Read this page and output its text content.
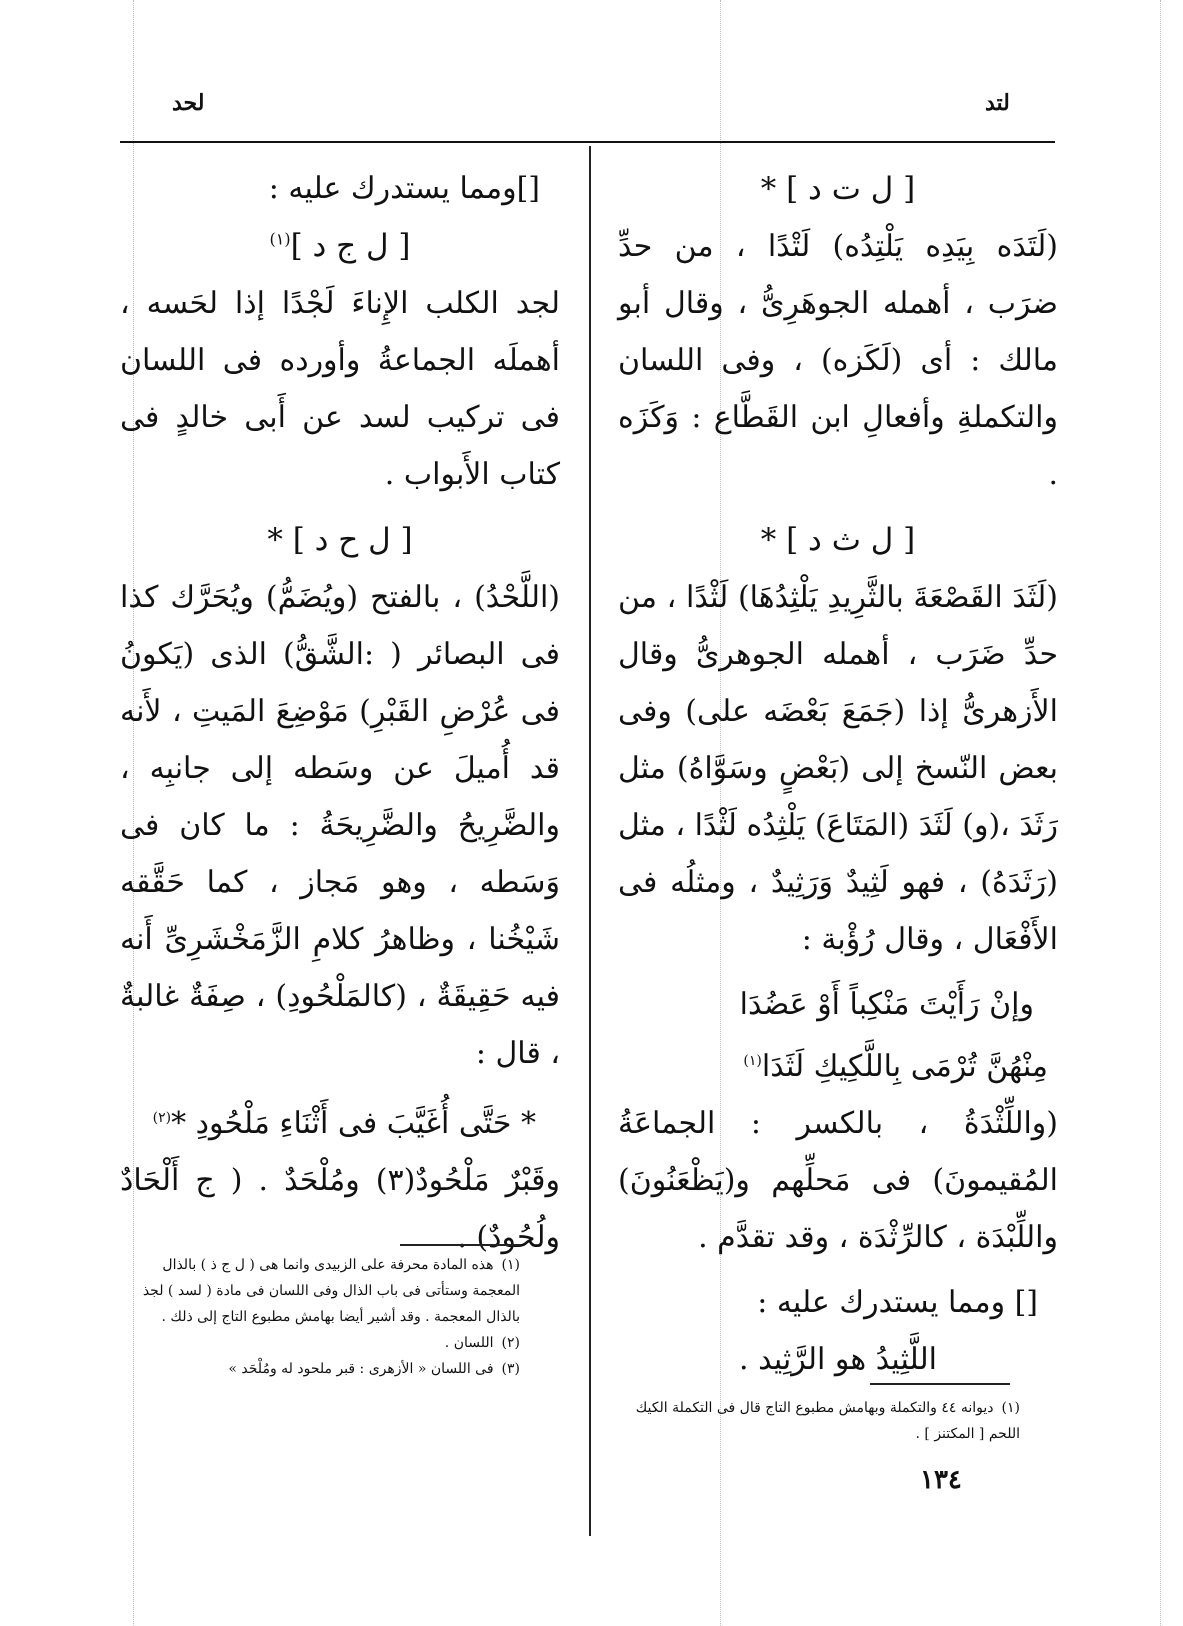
لحد	لتد

[ ل ت د ] *

(لَتَدَه بِيَدِه يَلْتِدُه) لَتْدًا ، من حدِّ ضرَب ، أهمله الجوهَرِىُّ ، وقال أبو مالك : أى (لَكَزه) ، وفى اللسان والتكملةِ وأفعالِ ابن القَطَّاع : وَكَزَه .

[ ل ث د ] *

(لَثَدَ القَصْعَةَ بالثَّرِيدِ يَلْثِدُهَا) لَثْدًا ، من حدِّ ضَرَب ، أهمله الجوهرىُّ وقال الأَزهرىُّ إذا (جَمَعَ بَعْضَه على) وفى بعض النّسخ إلى (بَعْضٍ وسَوَّاهُ) مثل رَثَدَ ،(و) لَثَدَ (المَتَاعَ) يَلْثِدُه لَثْدًا ، مثل (رَثَدَهُ) ، فهو لَثِيدٌ وَرَثِيدٌ ، ومثلُه فى الأَفْعَال ، وقال رُؤْبة :

وإنْ رَأَيْتَ مَنْكِباً أَوْ عَضُدَا

مِنْهُنَّ تُرْمَى بِاللَّكِيكِ لَثَدَا$^{(١)}$

(واللِّثْدَةُ ، بالكسر : الجماعَةُ المُقيمونَ) فى مَحلِّهم و(يَظْعَنُونَ) واللِّبْدَة ، كالرِّثْدَة ، وقد تقدَّم .

[] ومما يستدرك عليه :

اللَّثِيدُ هو الرَّثِيد .

[]ومما يستدرك عليه :

[ ل ج د ]$^{(١)}$

لجد الكلب الإِناءَ لَجْدًا إذا لحَسه ، أهملَه الجماعةُ وأورده فى اللسان فى تركيب لسد عن أَبى خالدٍ فى كتاب الأَبواب .

[ ل ح د ] *

(اللَّحْدُ) ، بالفتح (ويُضَمُّ) ويُحَرَّك كذا فى البصائر ( :الشَّقُّ) الذى (يَكونُ فى عُرْضِ القَبْرِ) مَوْضِعَ المَيتِ ، لأَنه قد أُميلَ عن وسَطه إلى جانبِه ، والضَّرِيحُ والضَّرِيحَةُ : ما كان فى وَسَطه ، وهو مَجاز ، كما حَقَّقه شَيْخُنا ، وظاهرُ كلامِ الزَّمَخْشَرِىِّ أَنه فيه حَقِيقَةٌ ، (كالمَلْحُودِ) ، صِفَةٌ غالبةٌ ، قال :

* حَتَّى أُغَيَّبَ فى أَثْنَاءِ مَلْحُودِ *$^{(٢)}$

وقَبْرٌ مَلْحُودٌ(٣) ومُلْحَدٌ . ( ج أَلْحَادٌ ولُحُودٌ) .

(١)هذه المادة محرفة على الزبيدى وانما هى ( ل ج ذ ) بالذال المعجمة وستأتى فى باب الذال وفى اللسان فى مادة ( لسد ) لجذ بالذال المعجمة . وقد أشير أيضا بهامش مطبوع التاج إلى ذلك .

(٢)اللسان .

(٣)فى اللسان « الأزهرى : قبر ملحود له ومُلْحَد »

(١)ديوانه ٤٤ والتكملة وبهامش مطبوع التاج قال فى التكملة الكيك اللحم [ المكتنز ] .

١٣٤
